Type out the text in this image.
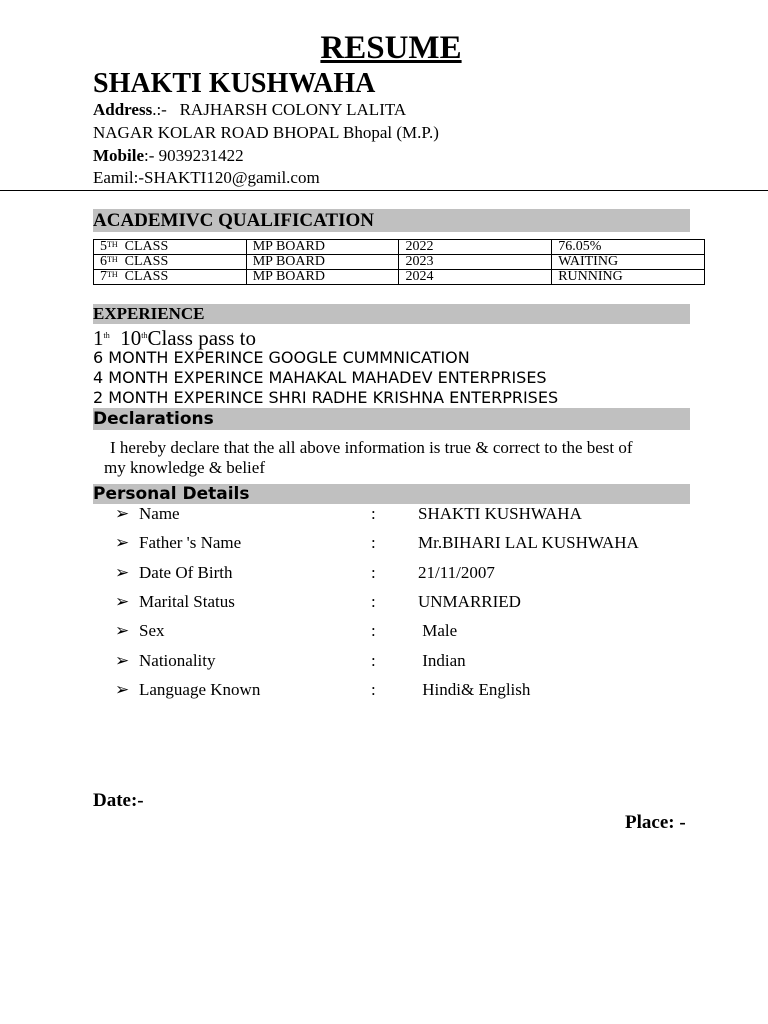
RESUME
SHAKTI KUSHWAHA
Address.:- RAJHARSH COLONY LALITA
NAGAR KOLAR ROAD BHOPAL Bhopal (M.P.)
Mobile:- 9039231422
Eamil:-SHAKTI120@gamil.com
ACADEMIVC QUALIFICATION
5TH CLASS	MP BOARD	2022	76.05%
6TH CLASS	MP BOARD	2023	WAITING
7TH CLASS	MP BOARD	2024	RUNNING
EXPERIENCE
1th 10thClass pass to
6 MONTH EXPERINCE GOOGLE CUMMNICATION
4 MONTH EXPERINCE MAHAKAL MAHADEV ENTERPRISES
2 MONTH EXPERINCE SHRI RADHE KRISHNA ENTERPRISES
Declarations
I hereby declare that the all above information is true & correct to the best of
my knowledge & belief
Personal Details
➢ Name	: SHAKTI KUSHWAHA
➢ Father 's Name	: Mr.BIHARI LAL KUSHWAHA
➢ Date Of Birth	: 21/11/2007
➢ Marital Status	: UNMARRIED
➢ Sex	: Male
➢ Nationality	: Indian
➢ Language Known	: Hindi& English
Date:-
Place: -
